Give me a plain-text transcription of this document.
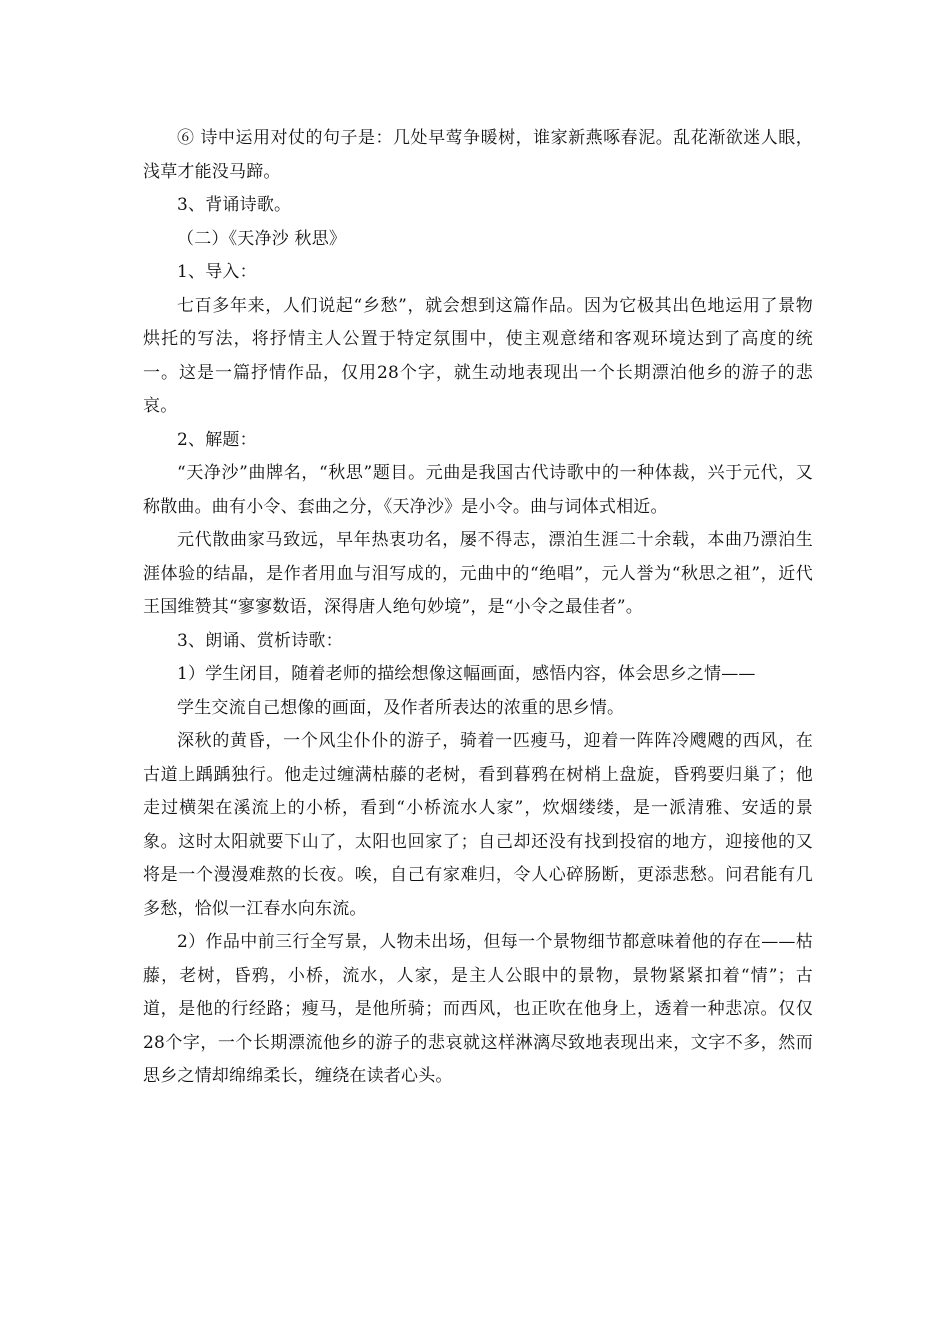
⑥ 诗中运用对仗的句子是：几处早莺争暖树，谁家新燕啄春泥。乱花渐欲迷人眼，浅草才能没马蹄。

3、背诵诗歌。

（二）《天净沙 秋思》

1、导入：

七百多年来，人们说起“乡愁”，就会想到这篇作品。因为它极其出色地运用了景物烘托的写法，将抒情主人公置于特定氛围中，使主观意绪和客观环境达到了高度的统一。这是一篇抒情作品，仅用28个字，就生动地表现出一个长期漂泊他乡的游子的悲哀。

2、解题：

“天净沙”曲牌名，“秋思”题目。元曲是我国古代诗歌中的一种体裁，兴于元代，又称散曲。曲有小令、套曲之分，《天净沙》是小令。曲与词体式相近。

元代散曲家马致远，早年热衷功名，屡不得志，漂泊生涯二十余载，本曲乃漂泊生涯体验的结晶，是作者用血与泪写成的，元曲中的“绝唱”，元人誉为“秋思之祖”，近代王国维赞其“寥寥数语，深得唐人绝句妙境”，是“小令之最佳者”。

3、朗诵、赏析诗歌：

1）学生闭目，随着老师的描绘想像这幅画面，感悟内容，体会思乡之情——

学生交流自己想像的画面，及作者所表达的浓重的思乡情。

深秋的黄昏，一个风尘仆仆的游子，骑着一匹瘦马，迎着一阵阵冷飕飕的西风，在古道上踽踽独行。他走过缠满枯藤的老树，看到暮鸦在树梢上盘旋，昏鸦要归巢了；他走过横架在溪流上的小桥，看到“小桥流水人家”，炊烟缕缕，是一派清雅、安适的景象。这时太阳就要下山了，太阳也回家了；自己却还没有找到投宿的地方，迎接他的又将是一个漫漫难熬的长夜。唉，自己有家难归，令人心碎肠断，更添悲愁。问君能有几多愁，恰似一江春水向东流。

2）作品中前三行全写景，人物未出场，但每一个景物细节都意味着他的存在——枯藤，老树，昏鸦，小桥，流水，人家，是主人公眼中的景物，景物紧紧扣着“情”；古道，是他的行经路；瘦马，是他所骑；而西风，也正吹在他身上，透着一种悲凉。仅仅28个字，一个长期漂流他乡的游子的悲哀就这样淋漓尽致地表现出来，文字不多，然而思乡之情却绵绵柔长，缠绕在读者心头。
